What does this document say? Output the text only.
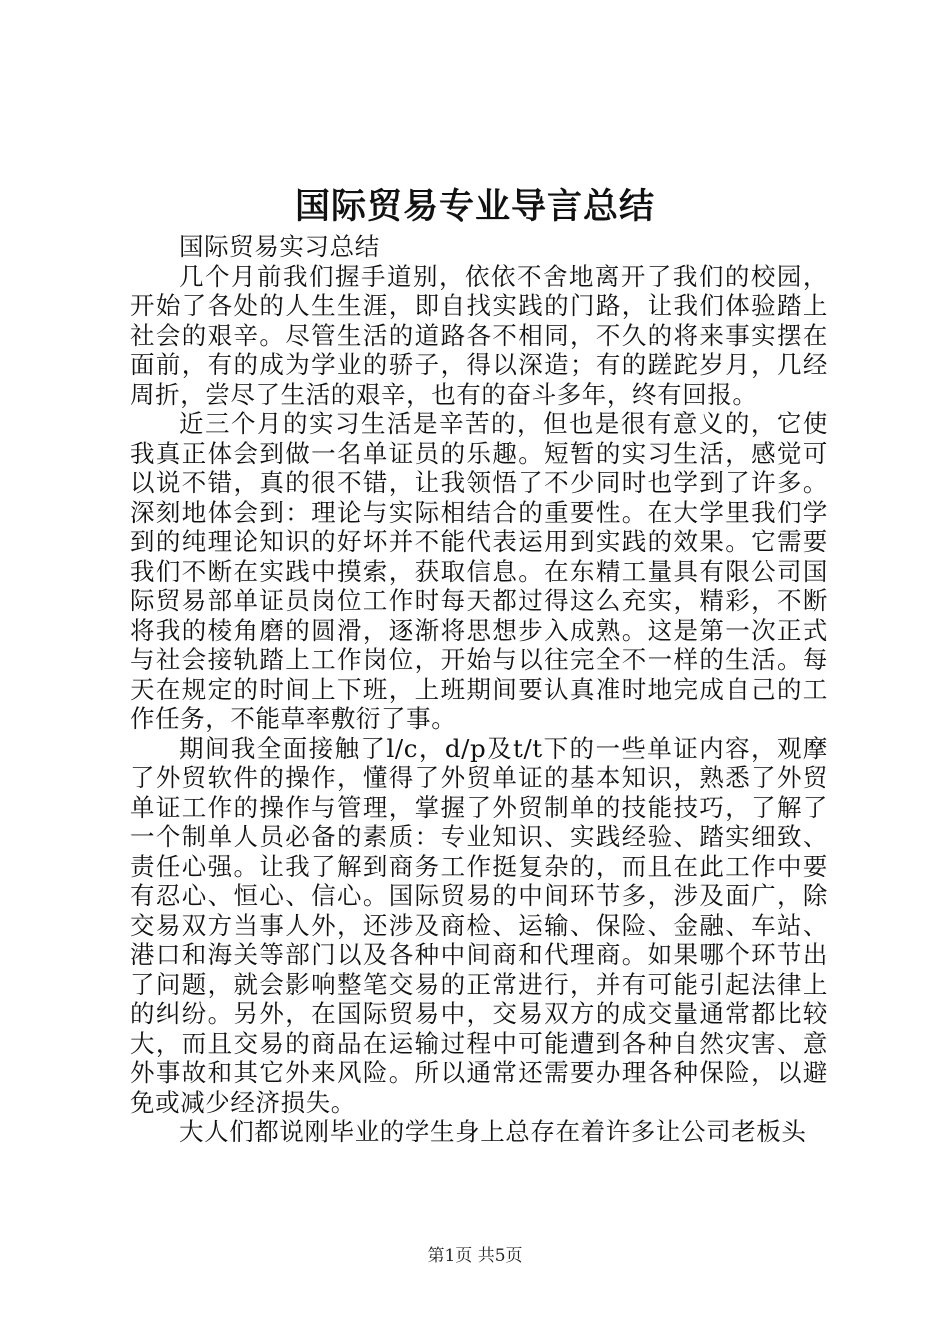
国际贸易专业导言总结

国际贸易实习总结

几个月前我们握手道别，依依不舍地离开了我们的校园，开始了各处的人生生涯，即自找实践的门路，让我们体验踏上社会的艰辛。尽管生活的道路各不相同，不久的将来事实摆在面前，有的成为学业的骄子，得以深造；有的蹉跎岁月，几经周折，尝尽了生活的艰辛，也有的奋斗多年，终有回报。

近三个月的实习生活是辛苦的，但也是很有意义的，它使我真正体会到做一名单证员的乐趣。短暂的实习生活，感觉可以说不错，真的很不错，让我领悟了不少同时也学到了许多。深刻地体会到：理论与实际相结合的重要性。在大学里我们学到的纯理论知识的好坏并不能代表运用到实践的效果。它需要我们不断在实践中摸索，获取信息。在东精工量具有限公司国际贸易部单证员岗位工作时每天都过得这么充实，精彩，不断将我的棱角磨的圆滑，逐渐将思想步入成熟。这是第一次正式与社会接轨踏上工作岗位，开始与以往完全不一样的生活。每天在规定的时间上下班，上班期间要认真准时地完成自己的工作任务，不能草率敷衍了事。

期间我全面接触了l/c，d/p及t/t下的一些单证内容，观摩了外贸软件的操作，懂得了外贸单证的基本知识，熟悉了外贸单证工作的操作与管理，掌握了外贸制单的技能技巧，了解了一个制单人员必备的素质：专业知识、实践经验、踏实细致、责任心强。让我了解到商务工作挺复杂的，而且在此工作中要有忍心、恒心、信心。国际贸易的中间环节多，涉及面广，除交易双方当事人外，还涉及商检、运输、保险、金融、车站、港口和海关等部门以及各种中间商和代理商。如果哪个环节出了问题，就会影响整笔交易的正常进行，并有可能引起法律上的纠纷。另外，在国际贸易中，交易双方的成交量通常都比较大，而且交易的商品在运输过程中可能遭到各种自然灾害、意外事故和其它外来风险。所以通常还需要办理各种保险，以避免或减少经济损失。

大人们都说刚毕业的学生身上总存在着许多让公司老板头

第1页 共5页
